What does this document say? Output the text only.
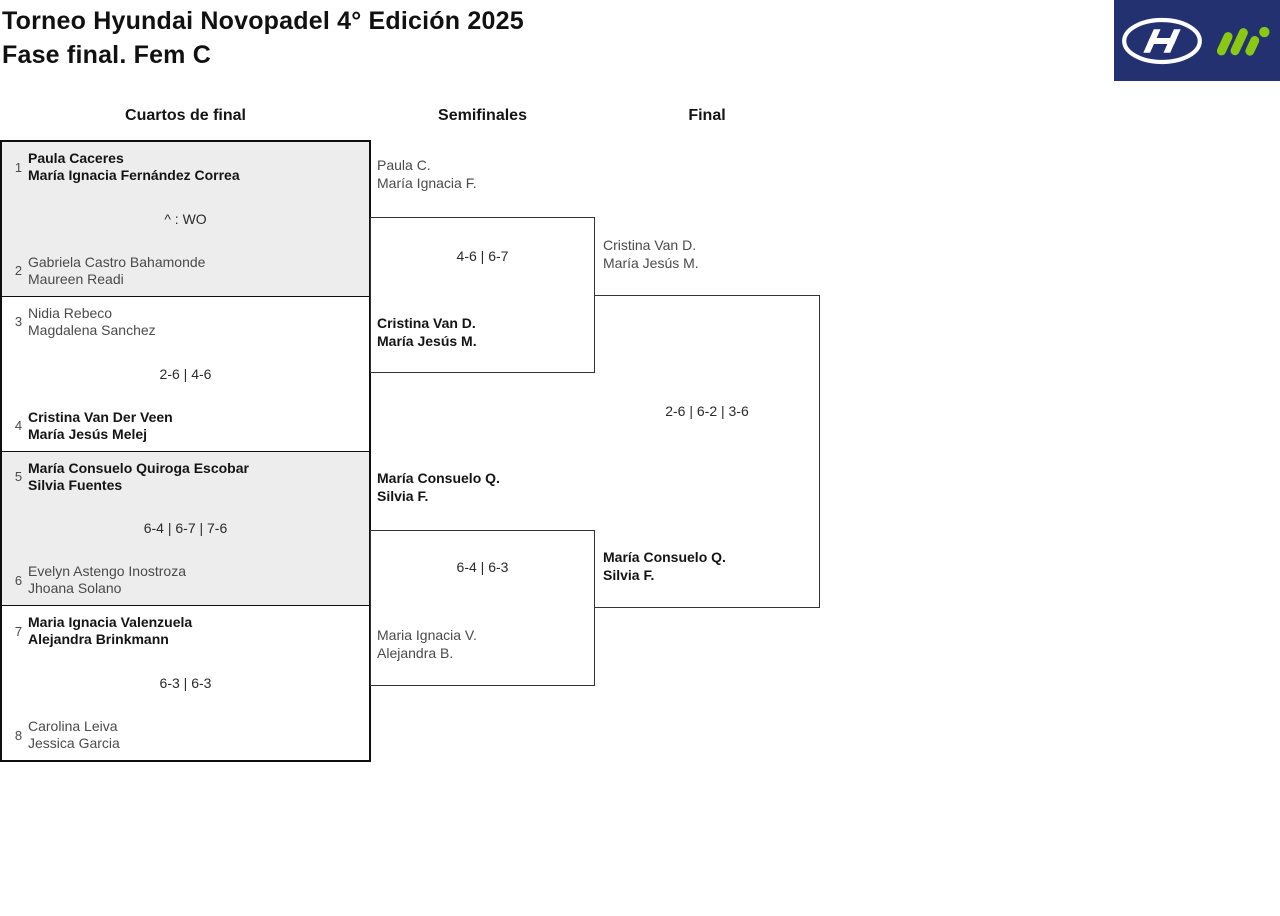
Torneo Hyundai Novopadel 4° Edición 2025
Fase final. Fem C
Cuartos de final	Semifinales	Final
1
Paula Caceres
María Ignacia Fernández Correa
^ : WO
2
Gabriela Castro Bahamonde
Maureen Readi
3
Nidia Rebeco
Magdalena Sanchez
2-6 | 4-6
4
Cristina Van Der Veen
María Jesús Melej
5
María Consuelo Quiroga Escobar
Silvia Fuentes
6-4 | 6-7 | 7-6
6
Evelyn Astengo Inostroza
Jhoana Solano
7
Maria Ignacia Valenzuela
Alejandra Brinkmann
6-3 | 6-3
8
Carolina Leiva
Jessica Garcia
Paula C.
María Ignacia F.
4-6 | 6-7
Cristina Van D.
María Jesús M.
María Consuelo Q.
Silvia F.
6-4 | 6-3
Maria Ignacia V.
Alejandra B.
Cristina Van D.
María Jesús M.
2-6 | 6-2 | 3-6
María Consuelo Q.
Silvia F.
